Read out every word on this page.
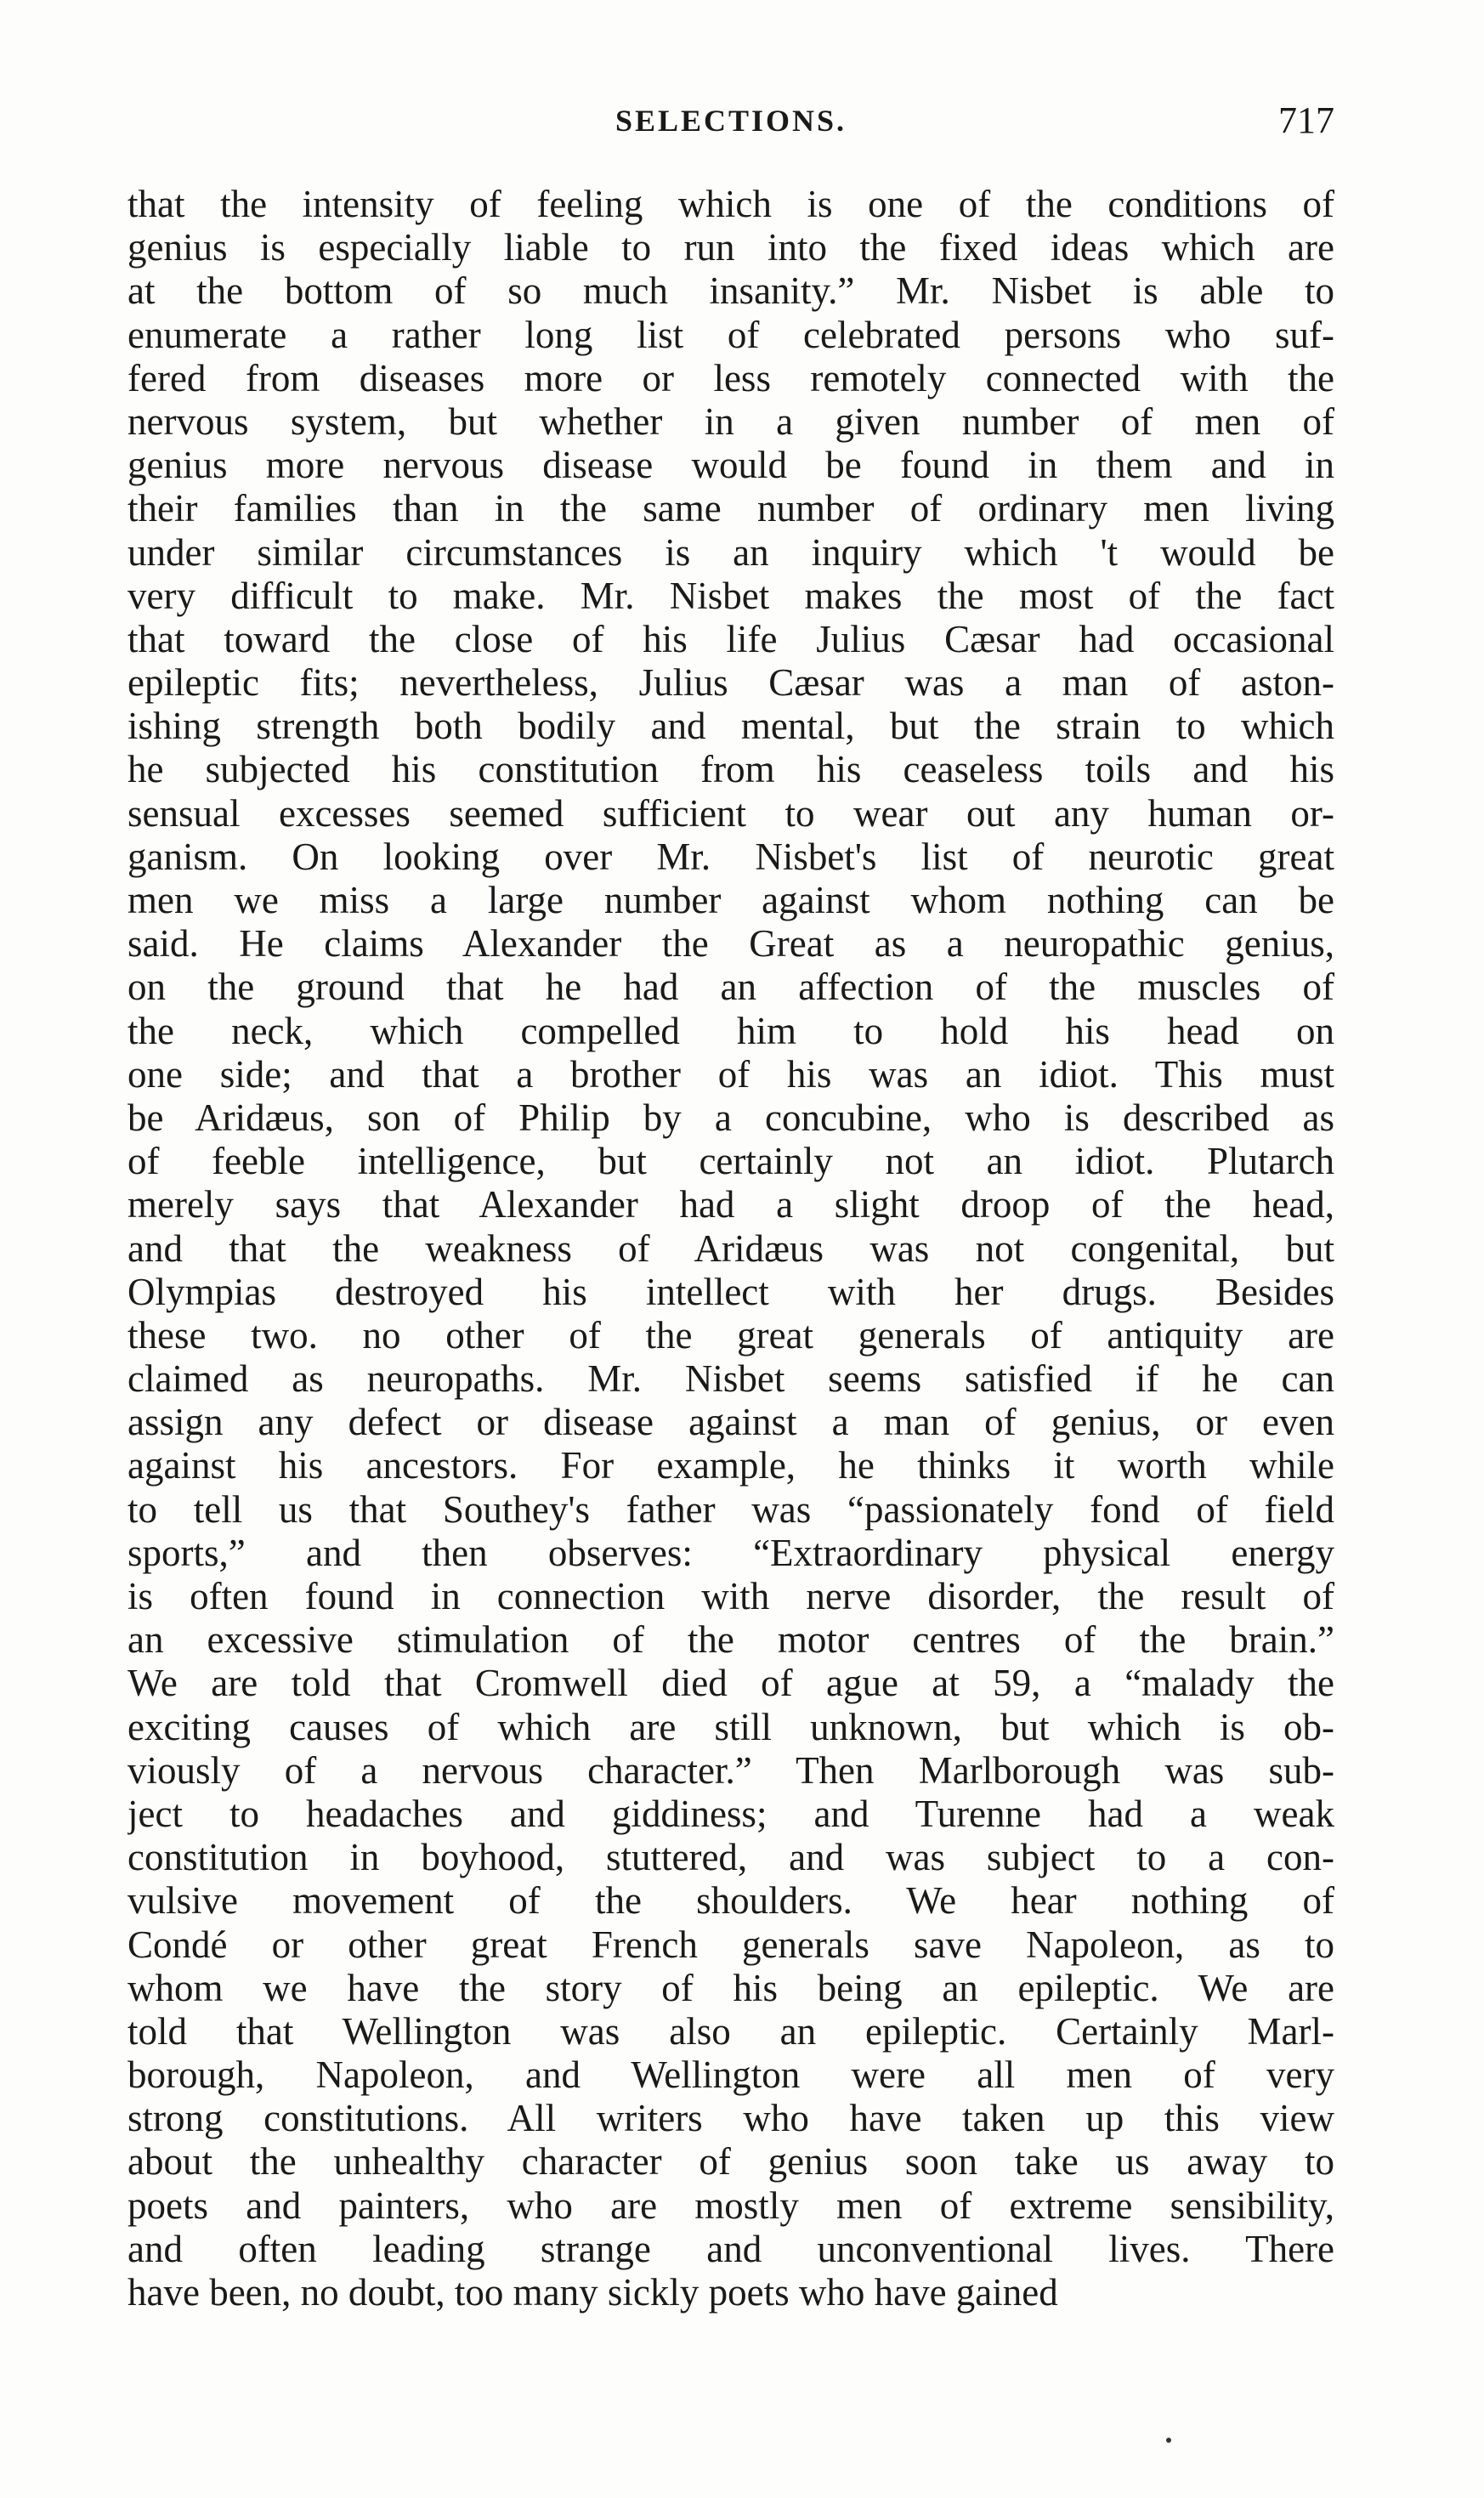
SELECTIONS.	717
that the intensity of feeling which is one of the conditions of
genius is especially liable to run into the fixed ideas which are
at the bottom of so much insanity.” Mr. Nisbet is able to
enumerate a rather long list of celebrated persons who suf-
fered from diseases more or less remotely connected with the
nervous system, but whether in a given number of men of
genius more nervous disease would be found in them and in
their families than in the same number of ordinary men living
under similar circumstances is an inquiry which 't would be
very difficult to make. Mr. Nisbet makes the most of the fact
that toward the close of his life Julius Cæsar had occasional
epileptic fits; nevertheless, Julius Cæsar was a man of aston-
ishing strength both bodily and mental, but the strain to which
he subjected his constitution from his ceaseless toils and his
sensual excesses seemed sufficient to wear out any human or-
ganism. On looking over Mr. Nisbet's list of neurotic great
men we miss a large number against whom nothing can be
said. He claims Alexander the Great as a neuropathic genius,
on the ground that he had an affection of the muscles of
the neck, which compelled him to hold his head on
one side; and that a brother of his was an idiot. This must
be Aridæus, son of Philip by a concubine, who is described as
of feeble intelligence, but certainly not an idiot. Plutarch
merely says that Alexander had a slight droop of the head,
and that the weakness of Aridæus was not congenital, but
Olympias destroyed his intellect with her drugs. Besides
these two. no other of the great generals of antiquity are
claimed as neuropaths. Mr. Nisbet seems satisfied if he can
assign any defect or disease against a man of genius, or even
against his ancestors. For example, he thinks it worth while
to tell us that Southey's father was “passionately fond of field
sports,” and then observes: “Extraordinary physical energy
is often found in connection with nerve disorder, the result of
an excessive stimulation of the motor centres of the brain.”
We are told that Cromwell died of ague at 59, a “malady the
exciting causes of which are still unknown, but which is ob-
viously of a nervous character.” Then Marlborough was sub-
ject to headaches and giddiness; and Turenne had a weak
constitution in boyhood, stuttered, and was subject to a con-
vulsive movement of the shoulders. We hear nothing of
Condé or other great French generals save Napoleon, as to
whom we have the story of his being an epileptic. We are
told that Wellington was also an epileptic. Certainly Marl-
borough, Napoleon, and Wellington were all men of very
strong constitutions. All writers who have taken up this view
about the unhealthy character of genius soon take us away to
poets and painters, who are mostly men of extreme sensibility,
and often leading strange and unconventional lives. There
have been, no doubt, too many sickly poets who have gained
